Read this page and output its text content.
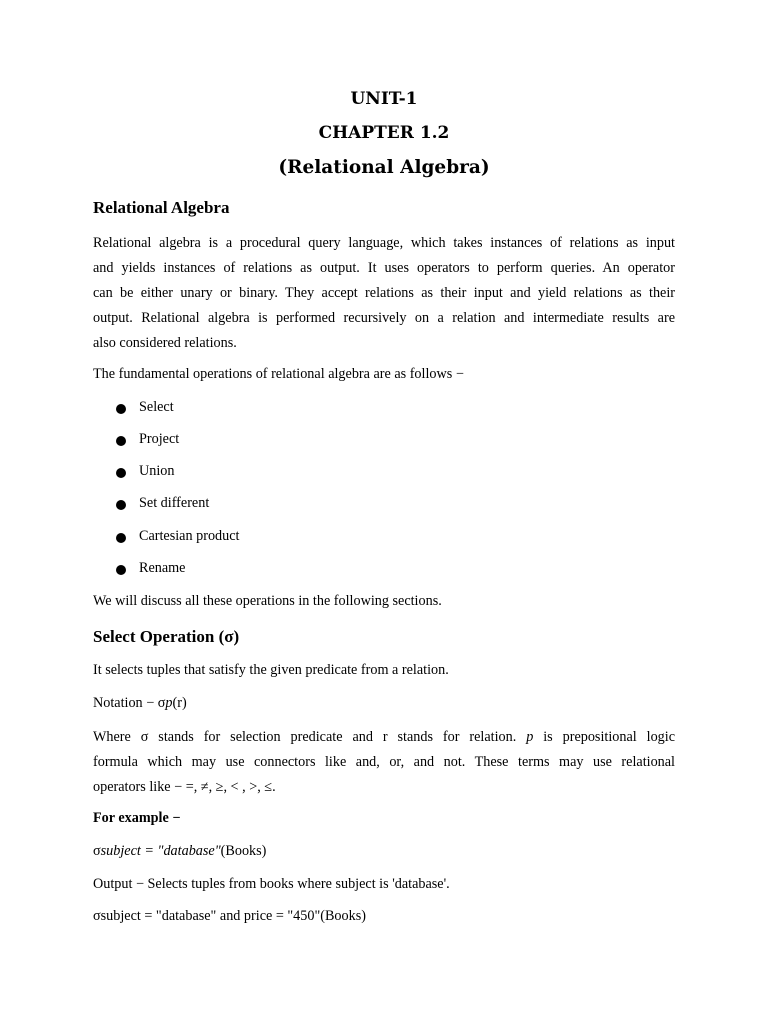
UNIT-1
CHAPTER 1.2
(Relational Algebra)
Relational Algebra
Relational algebra is a procedural query language, which takes instances of relations as input
and yields instances of relations as output. It uses operators to perform queries. An operator
can be either unary or binary. They accept relations as their input and yield relations as their
output. Relational algebra is performed recursively on a relation and intermediate results are
also considered relations.

The fundamental operations of relational algebra are as follows −

Select
Project
Union
Set different
Cartesian product
Rename

We will discuss all these operations in the following sections.

Select Operation (σ)

It selects tuples that satisfy the given predicate from a relation.

Notation − σp(r)

Where σ stands for selection predicate and r stands for relation. p is prepositional logic
formula which may use connectors like and, or, and not. These terms may use relational
operators like − =, ≠, ≥, < , >, ≤.

For example −

σsubject = "database"(Books)

Output − Selects tuples from books where subject is 'database'.

σsubject = "database" and price = "450"(Books)
